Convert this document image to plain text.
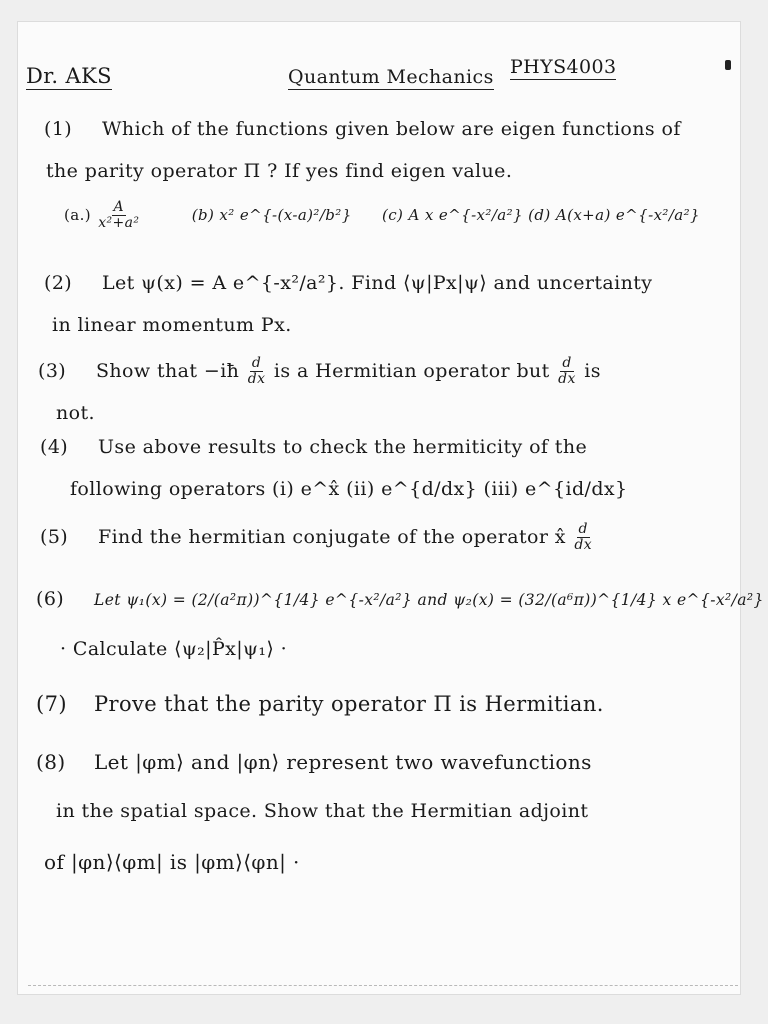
Dr. AKS	Quantum Mechanics PHYS4003
(1) Which of the functions given below are eigen functions of
the parity operator Π ? If yes find eigen value.
$(a.) \frac{A}{\text{x²+a²}}$	(b) x² e^{-(x-a)²/b²} (c) A x e^{-x²/a²} (d) A(x+a) e^{-x²/a²}
(2) Let ψ(x) = A e^{-x²/a²}. Find ⟨ψ|Px|ψ⟩ and uncertainty
in linear momentum Px.
(3) Show that −iħ $\frac{d}{dx}$ is a Hermitian operator but $\frac{d}{dx}$ is
not.
(4) Use above results to check the hermiticity of the
following operators (i) e^x̂ (ii) e^{d/dx} (iii) e^{id/dx}
(5) Find the hermitian conjugate of the operator x̂ $\frac{d}{dx}$
(6) Let ψ₁(x) = (2/(a²π))^{1/4} e^{-x²/a²} and ψ₂(x) = (32/(a⁶π))^{1/4} x e^{-x²/a²}
· Calculate ⟨ψ₂|P̂x|ψ₁⟩ ·
(7) Prove that the parity operator Π is Hermitian.
(8) Let |φm⟩ and |φn⟩ represent two wavefunctions
in the spatial space. Show that the Hermitian adjoint
of |φn⟩⟨φm| is |φm⟩⟨φn| ·
